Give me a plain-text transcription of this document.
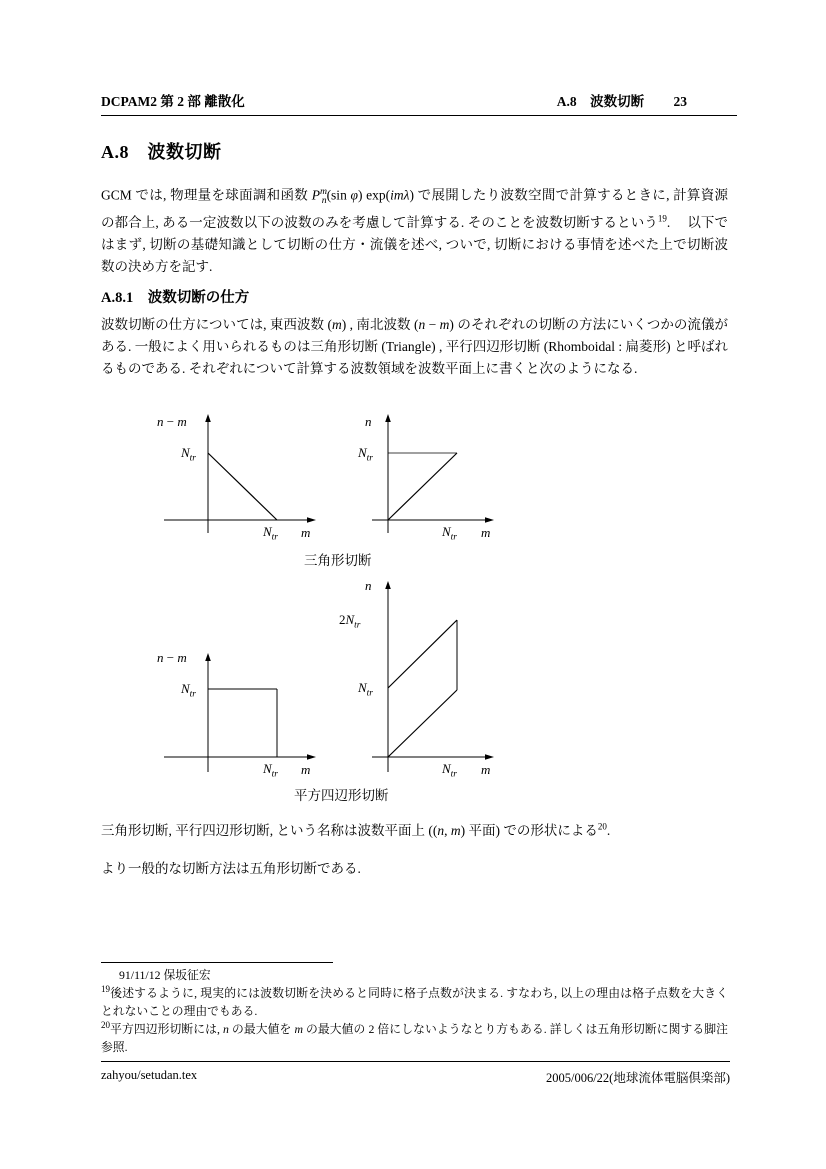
DCPAM2 第 2 部 離散化	A.8　波数切断 23
A.8　波数切断

GCM では, 物理量を球面調和函数 $P^m_n(\sin$ φ) exp(imλ) で展開したり波数空間で計算するときに, 計算資源の都合上, ある一定波数以下の波数のみを考慮して計算する. そのことを波数切断するという$^{19}$.　 以下ではまず, 切断の基礎知識として切断の仕方・流儀を述べ, ついで, 切断における事情を述べた上で切断波数の決め方を記す.

A.8.1　波数切断の仕方

波数切断の仕方については, 東西波数 (m) , 南北波数 (n − m) のそれぞれの切断の方法にいくつかの流儀がある. 一般によく用いられるものは三角形切断 (Triangle) , 平行四辺形切断 (Rhomboidal : 扁菱形) と呼ばれるものである. それぞれについて計算する波数領域を波数平面上に書くと次のようになる.

n − m
$N_{tr}$
$N_{tr}$ m
n
$N_{tr}$
$N_{tr}$ m
三角形切断
n − m
$N_{tr}$
$N_{tr}$ m
n
$2N_{tr}$
$N_{tr}$
$N_{tr}$ m
平方四辺形切断

三角形切断, 平行四辺形切断, という名称は波数平面上 ((n, m) 平面) での形状による$^{20}$.

より一般的な切断方法は五角形切断である.

91/11/12 保坂征宏
$^{19}$後述するように, 現実的には波数切断を決めると同時に格子点数が決まる. すなわち, 以上の理由は格子点数を大きくとれないことの理由でもある.
$^{20}$平方四辺形切断には, n の最大値を m の最大値の 2 倍にしないようなとり方もある. 詳しくは五角形切断に関する脚注参照.
zahyou/setudan.tex	2005/006/22(地球流体電脳倶楽部)
